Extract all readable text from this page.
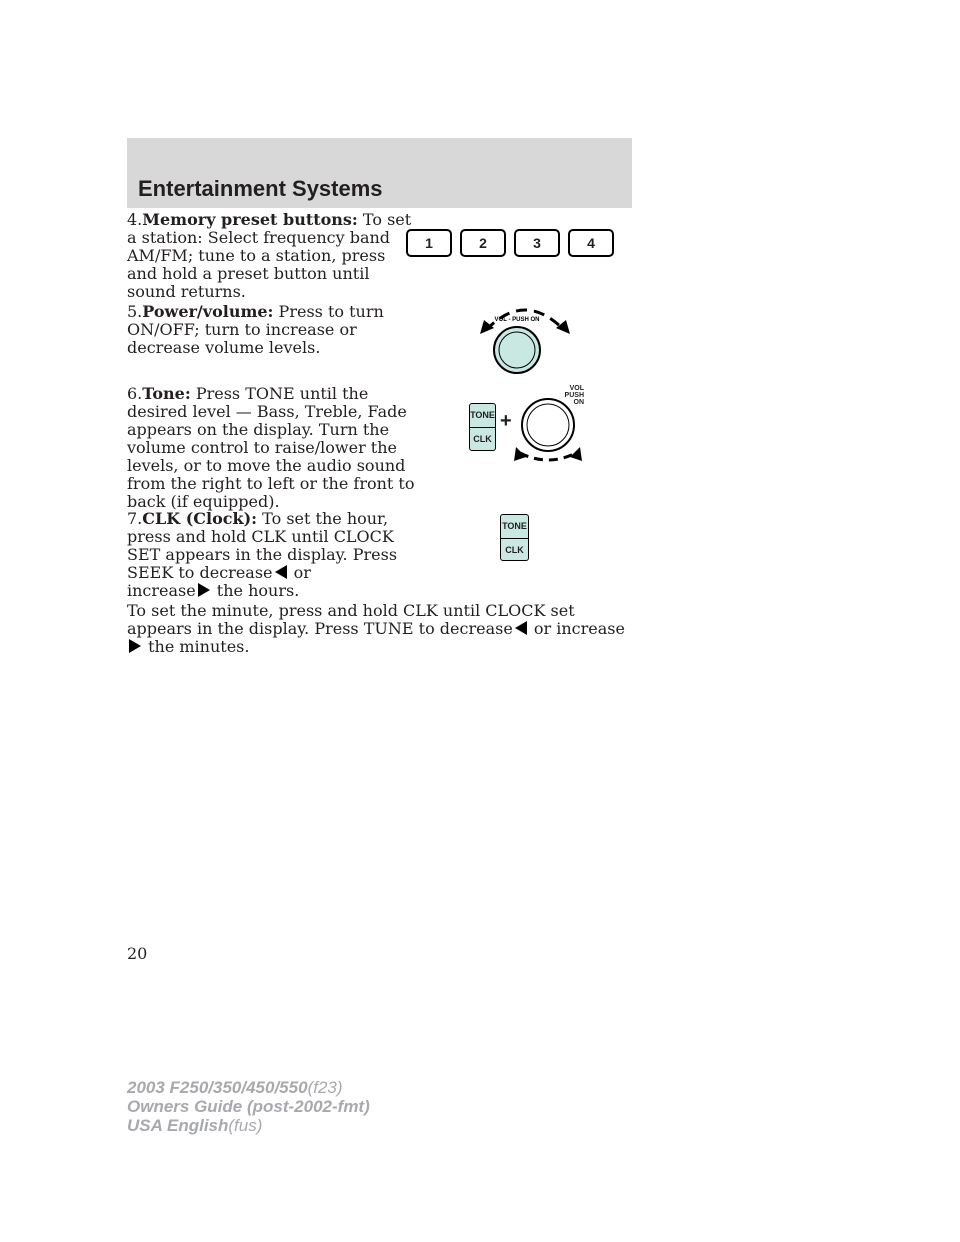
Entertainment Systems

4.Memory preset buttons: To set a station: Select frequency band AM/FM; tune to a station, press and hold a preset button until sound returns.

1	2	3	4

5.Power/volume: Press to turn ON/OFF; turn to increase or decrease volume levels.

VOL - PUSH ON

6.Tone: Press TONE until the desired level — Bass, Treble, Fade appears on the display. Turn the volume control to raise/lower the levels, or to move the audio sound from the right to left or the front to back (if equipped).

TONE
CLK
+
VOL
PUSH
ON

7.CLK (Clock): To set the hour, press and hold CLK until CLOCK SET appears in the display. Press SEEK to decrease or
increase the hours.

TONE
CLK

To set the minute, press and hold CLK until CLOCK set appears in the display. Press TUNE to decrease or increase the minutes.

20
2003 F250/350/450/550(f23)
Owners Guide (post-2002-fmt)
USA English(fus)
